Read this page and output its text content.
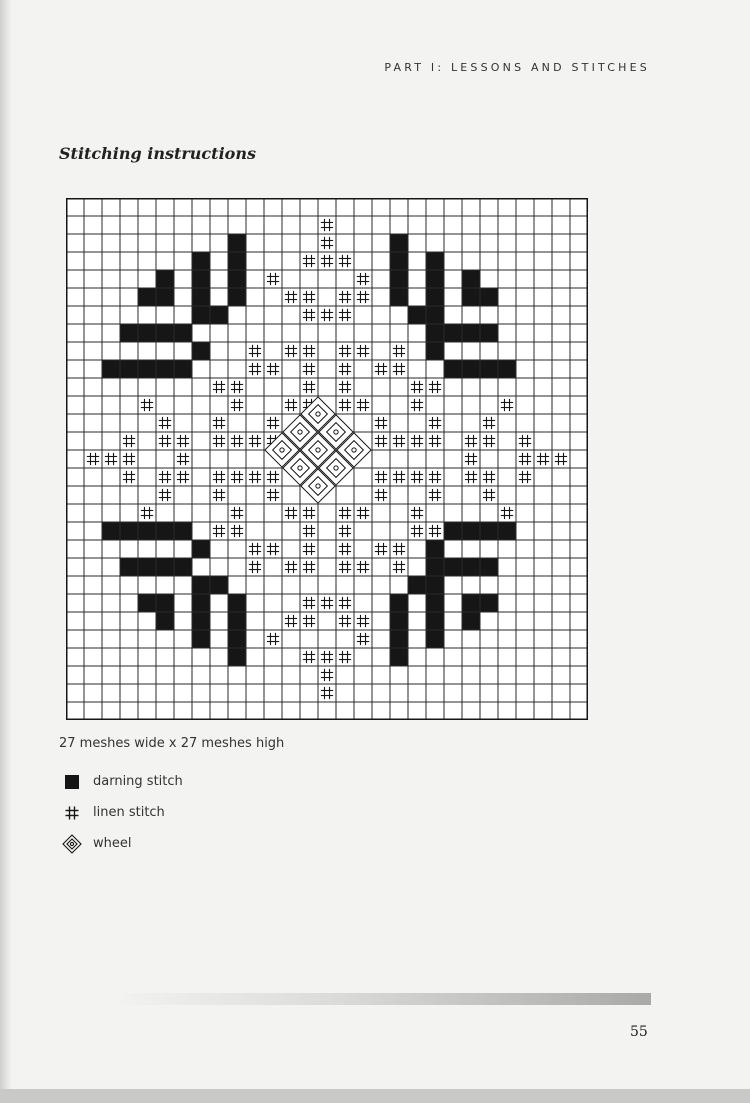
PART I: LESSONS AND STITCHES
Stitching instructions
27 meshes wide x 27 meshes high
darning stitch
linen stitch
wheel
55
